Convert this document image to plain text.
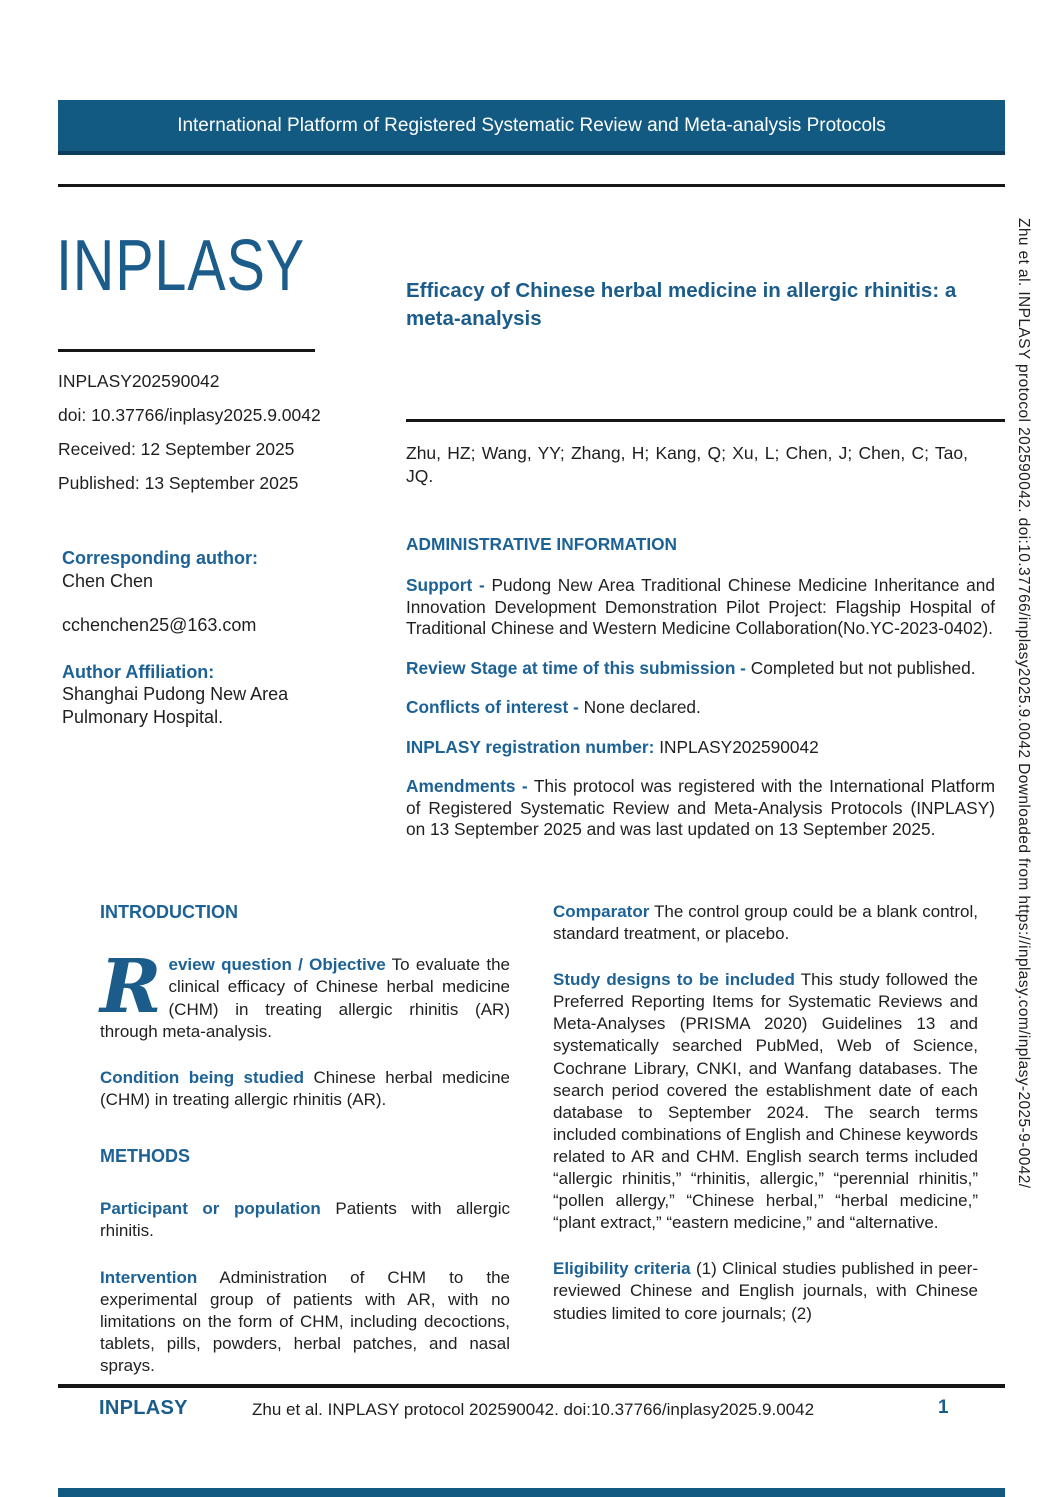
International Platform of Registered Systematic Review and Meta-analysis Protocols
INPLASY
INPLASY202590042
doi: 10.37766/inplasy2025.9.0042
Received: 12 September 2025
Published: 13 September 2025
Corresponding author:
Chen Chen
cchenchen25@163.com
Author Affiliation:
Shanghai Pudong New Area Pulmonary Hospital.
Efficacy of Chinese herbal medicine in allergic rhinitis: a meta-analysis

Zhu, HZ; Wang, YY; Zhang, H; Kang, Q; Xu, L; Chen, J; Chen, C; Tao, JQ.

ADMINISTRATIVE INFORMATION

Support - Pudong New Area Traditional Chinese Medicine Inheritance and Innovation Development Demonstration Pilot Project: Flagship Hospital of Traditional Chinese and Western Medicine Collaboration(No.YC-2023-0402).

Review Stage at time of this submission - Completed but not published.

Conflicts of interest - None declared.

INPLASY registration number: INPLASY202590042

Amendments - This protocol was registered with the International Platform of Registered Systematic Review and Meta-Analysis Protocols (INPLASY) on 13 September 2025 and was last updated on 13 September 2025.

INTRODUCTION

Review question / Objective To evaluate the clinical efficacy of Chinese herbal medicine (CHM) in treating allergic rhinitis (AR) through meta-analysis.

Condition being studied Chinese herbal medicine (CHM) in treating allergic rhinitis (AR).

METHODS

Participant or population Patients with allergic rhinitis.

Intervention Administration of CHM to the experimental group of patients with AR, with no limitations on the form of CHM, including decoctions, tablets, pills, powders, herbal patches, and nasal sprays.

Comparator The control group could be a blank control, standard treatment, or placebo.

Study designs to be included This study followed the Preferred Reporting Items for Systematic Reviews and Meta-Analyses (PRISMA 2020) Guidelines 13 and systematically searched PubMed, Web of Science, Cochrane Library, CNKI, and Wanfang databases. The search period covered the establishment date of each database to September 2024. The search terms included combinations of English and Chinese keywords related to AR and CHM. English search terms included “allergic rhinitis,” “rhinitis, allergic,” “perennial rhinitis,” “pollen allergy,” “Chinese herbal,” “herbal medicine,” “plant extract,” “eastern medicine,” and “alternative.

Eligibility criteria (1) Clinical studies published in peer-reviewed Chinese and English journals, with Chinese studies limited to core journals; (2)

INPLASY	Zhu et al. INPLASY protocol 202590042. doi:10.37766/inplasy2025.9.0042	1
Zhu et al. INPLASY protocol 202590042. doi:10.37766/inplasy2025.9.0042 Downloaded from https://inplasy.com/inplasy-2025-9-0042/
